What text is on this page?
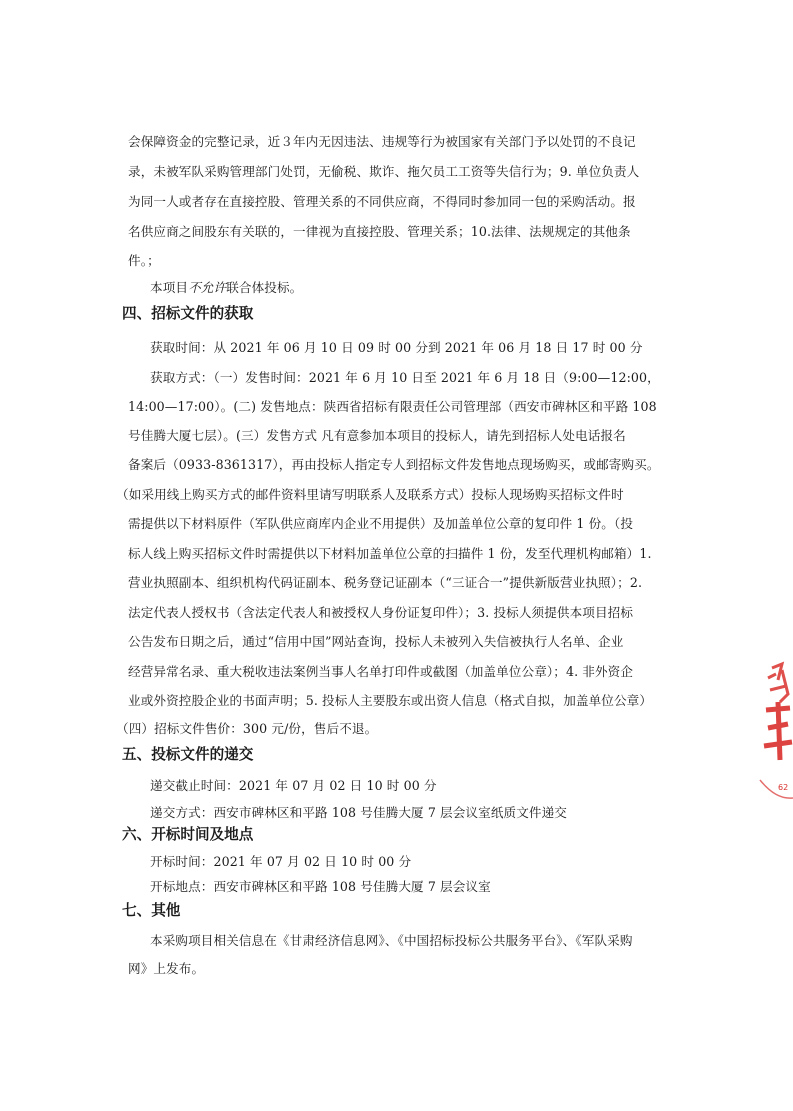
会保障资金的完整记录，近３年内无因违法、违规等行为被国家有关部门予以处罚的不良记
录，未被军队采购管理部门处罚，无偷税、欺诈、拖欠员工工资等失信行为；9. 单位负责人
为同一人或者存在直接控股、管理关系的不同供应商，不得同时参加同一包的采购活动。报
名供应商之间股东有关联的，一律视为直接控股、管理关系；10.法律、法规规定的其他条
件。；
本项目不允许联合体投标。
四、招标文件的获取
获取时间：从 2021 年 06 月 10 日 09 时 00 分到 2021 年 06 月 18 日 17 时 00 分
获取方式：（一）发售时间：2021 年 6 月 10 日至 2021 年 6 月 18 日（9:00—12:00，
14:00—17:00）。(二) 发售地点：陕西省招标有限责任公司管理部（西安市碑林区和平路 108
号佳腾大厦七层）。(三）发售方式 凡有意参加本项目的投标人，请先到招标人处电话报名
备案后（0933-8361317），再由投标人指定专人到招标文件发售地点现场购买，或邮寄购买。
（如采用线上购买方式的邮件资料里请写明联系人及联系方式）投标人现场购买招标文件时
需提供以下材料原件（军队供应商库内企业不用提供）及加盖单位公章的复印件 1 份。（投
标人线上购买招标文件时需提供以下材料加盖单位公章的扫描件 1 份，发至代理机构邮箱）1.
营业执照副本、组织机构代码证副本、税务登记证副本（“三证合一”提供新版营业执照）；2.
法定代表人授权书（含法定代表人和被授权人身份证复印件）；3. 投标人须提供本项目招标
公告发布日期之后，通过“信用中国”网站查询，投标人未被列入失信被执行人名单、企业
经营异常名录、重大税收违法案例当事人名单打印件或截图（加盖单位公章）；4. 非外资企
业或外资控股企业的书面声明；5. 投标人主要股东或出资人信息（格式自拟，加盖单位公章）
（四）招标文件售价：300 元/份，售后不退。
五、投标文件的递交
递交截止时间：2021 年 07 月 02 日 10 时 00 分
递交方式：西安市碑林区和平路 108 号佳腾大厦 7 层会议室纸质文件递交
六、开标时间及地点
开标时间：2021 年 07 月 02 日 10 时 00 分
开标地点：西安市碑林区和平路 108 号佳腾大厦 7 层会议室
七、其他
本采购项目相关信息在《甘肃经济信息网》、《中国招标投标公共服务平台》、《军队采购
网》上发布。
62
